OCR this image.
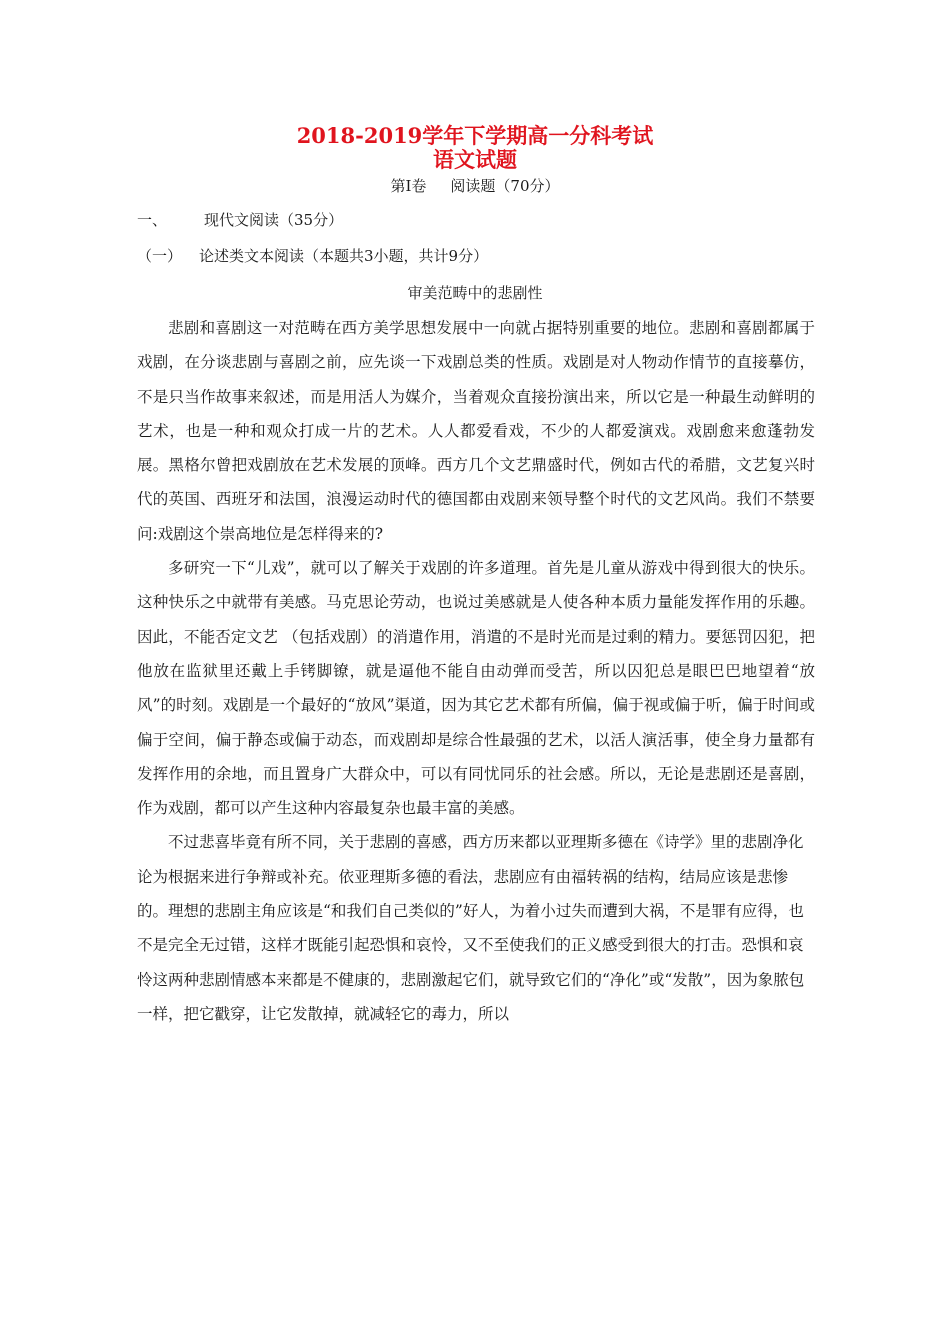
2018-2019学年下学期高一分科考试
语文试题
第Ⅰ卷 阅读题（70分）
一、 现代文阅读（35分）
（一） 论述类文本阅读（本题共3小题，共计9分）
审美范畴中的悲剧性

悲剧和喜剧这一对范畴在西方美学思想发展中一向就占据特别重要的地位。悲剧和喜剧都属于戏剧，在分谈悲剧与喜剧之前，应先谈一下戏剧总类的性质。戏剧是对人物动作情节的直接摹仿，不是只当作故事来叙述，而是用活人为媒介，当着观众直接扮演出来，所以它是一种最生动鲜明的艺术，也是一种和观众打成一片的艺术。人人都爱看戏，不少的人都爱演戏。戏剧愈来愈蓬勃发展。黑格尔曾把戏剧放在艺术发展的顶峰。西方几个文艺鼎盛时代，例如古代的希腊，文艺复兴时代的英国、西班牙和法国，浪漫运动时代的德国都由戏剧来领导整个时代的文艺风尚。我们不禁要问:戏剧这个崇高地位是怎样得来的?

多研究一下“儿戏”，就可以了解关于戏剧的许多道理。首先是儿童从游戏中得到很大的快乐。这种快乐之中就带有美感。马克思论劳动，也说过美感就是人使各种本质力量能发挥作用的乐趣。因此，不能否定文艺 （包括戏剧）的消遣作用，消遣的不是时光而是过剩的精力。要惩罚囚犯，把他放在监狱里还戴上手铐脚镣，就是逼他不能自由动弹而受苦，所以囚犯总是眼巴巴地望着“放风”的时刻。戏剧是一个最好的“放风”渠道，因为其它艺术都有所偏，偏于视或偏于听，偏于时间或偏于空间，偏于静态或偏于动态，而戏剧却是综合性最强的艺术，以活人演活事，使全身力量都有发挥作用的余地，而且置身广大群众中，可以有同忧同乐的社会感。所以，无论是悲剧还是喜剧，作为戏剧，都可以产生这种内容最复杂也最丰富的美感。

不过悲喜毕竟有所不同，关于悲剧的喜感，西方历来都以亚理斯多德在《诗学》里的悲剧净化论为根据来进行争辩或补充。依亚理斯多德的看法，悲剧应有由福转祸的结构，结局应该是悲惨的。理想的悲剧主角应该是“和我们自己类似的”好人，为着小过失而遭到大祸，不是罪有应得，也不是完全无过错，这样才既能引起恐惧和哀怜，又不至使我们的正义感受到很大的打击。恐惧和哀怜这两种悲剧情感本来都是不健康的，悲剧激起它们，就导致它们的“净化”或“发散”，因为象脓包一样，把它戳穿，让它发散掉，就减轻它的毒力，所以
